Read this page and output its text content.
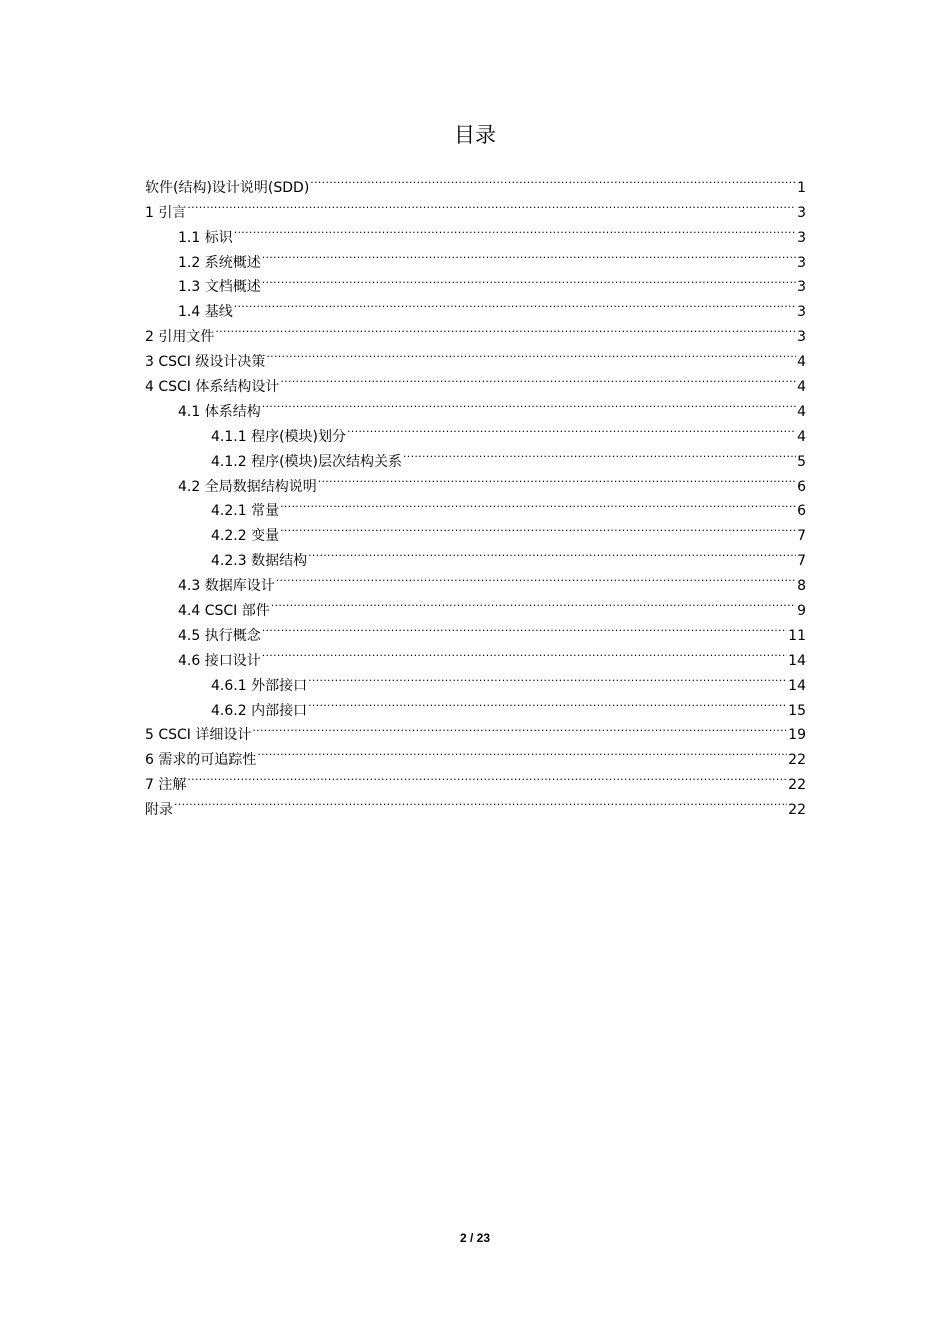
目录
软件(结构)设计说明(SDD) .....	1
1 引言 .....	3
1.1 标识 .....	3
1.2 系统概述 .....	3
1.3 文档概述 .....	3
1.4 基线 .....	3
2 引用文件 .....	3
3 CSCI 级设计决策 .....	4
4 CSCI 体系结构设计 .....	4
4.1 体系结构 .....	4
4.1.1 程序(模块)划分 .....	4
4.1.2 程序(模块)层次结构关系 .....	5
4.2 全局数据结构说明 .....	6
4.2.1 常量 .....	6
4.2.2 变量 .....	7
4.2.3 数据结构 .....	7
4.3 数据库设计 .....	8
4.4 CSCI 部件 .....	9
4.5 执行概念 .....	11
4.6 接口设计 .....	14
4.6.1 外部接口 .....	14
4.6.2 内部接口 .....	15
5 CSCI 详细设计 .....	19
6 需求的可追踪性 .....	22
7 注解 .....	22
附录 .....	22
2 / 23
